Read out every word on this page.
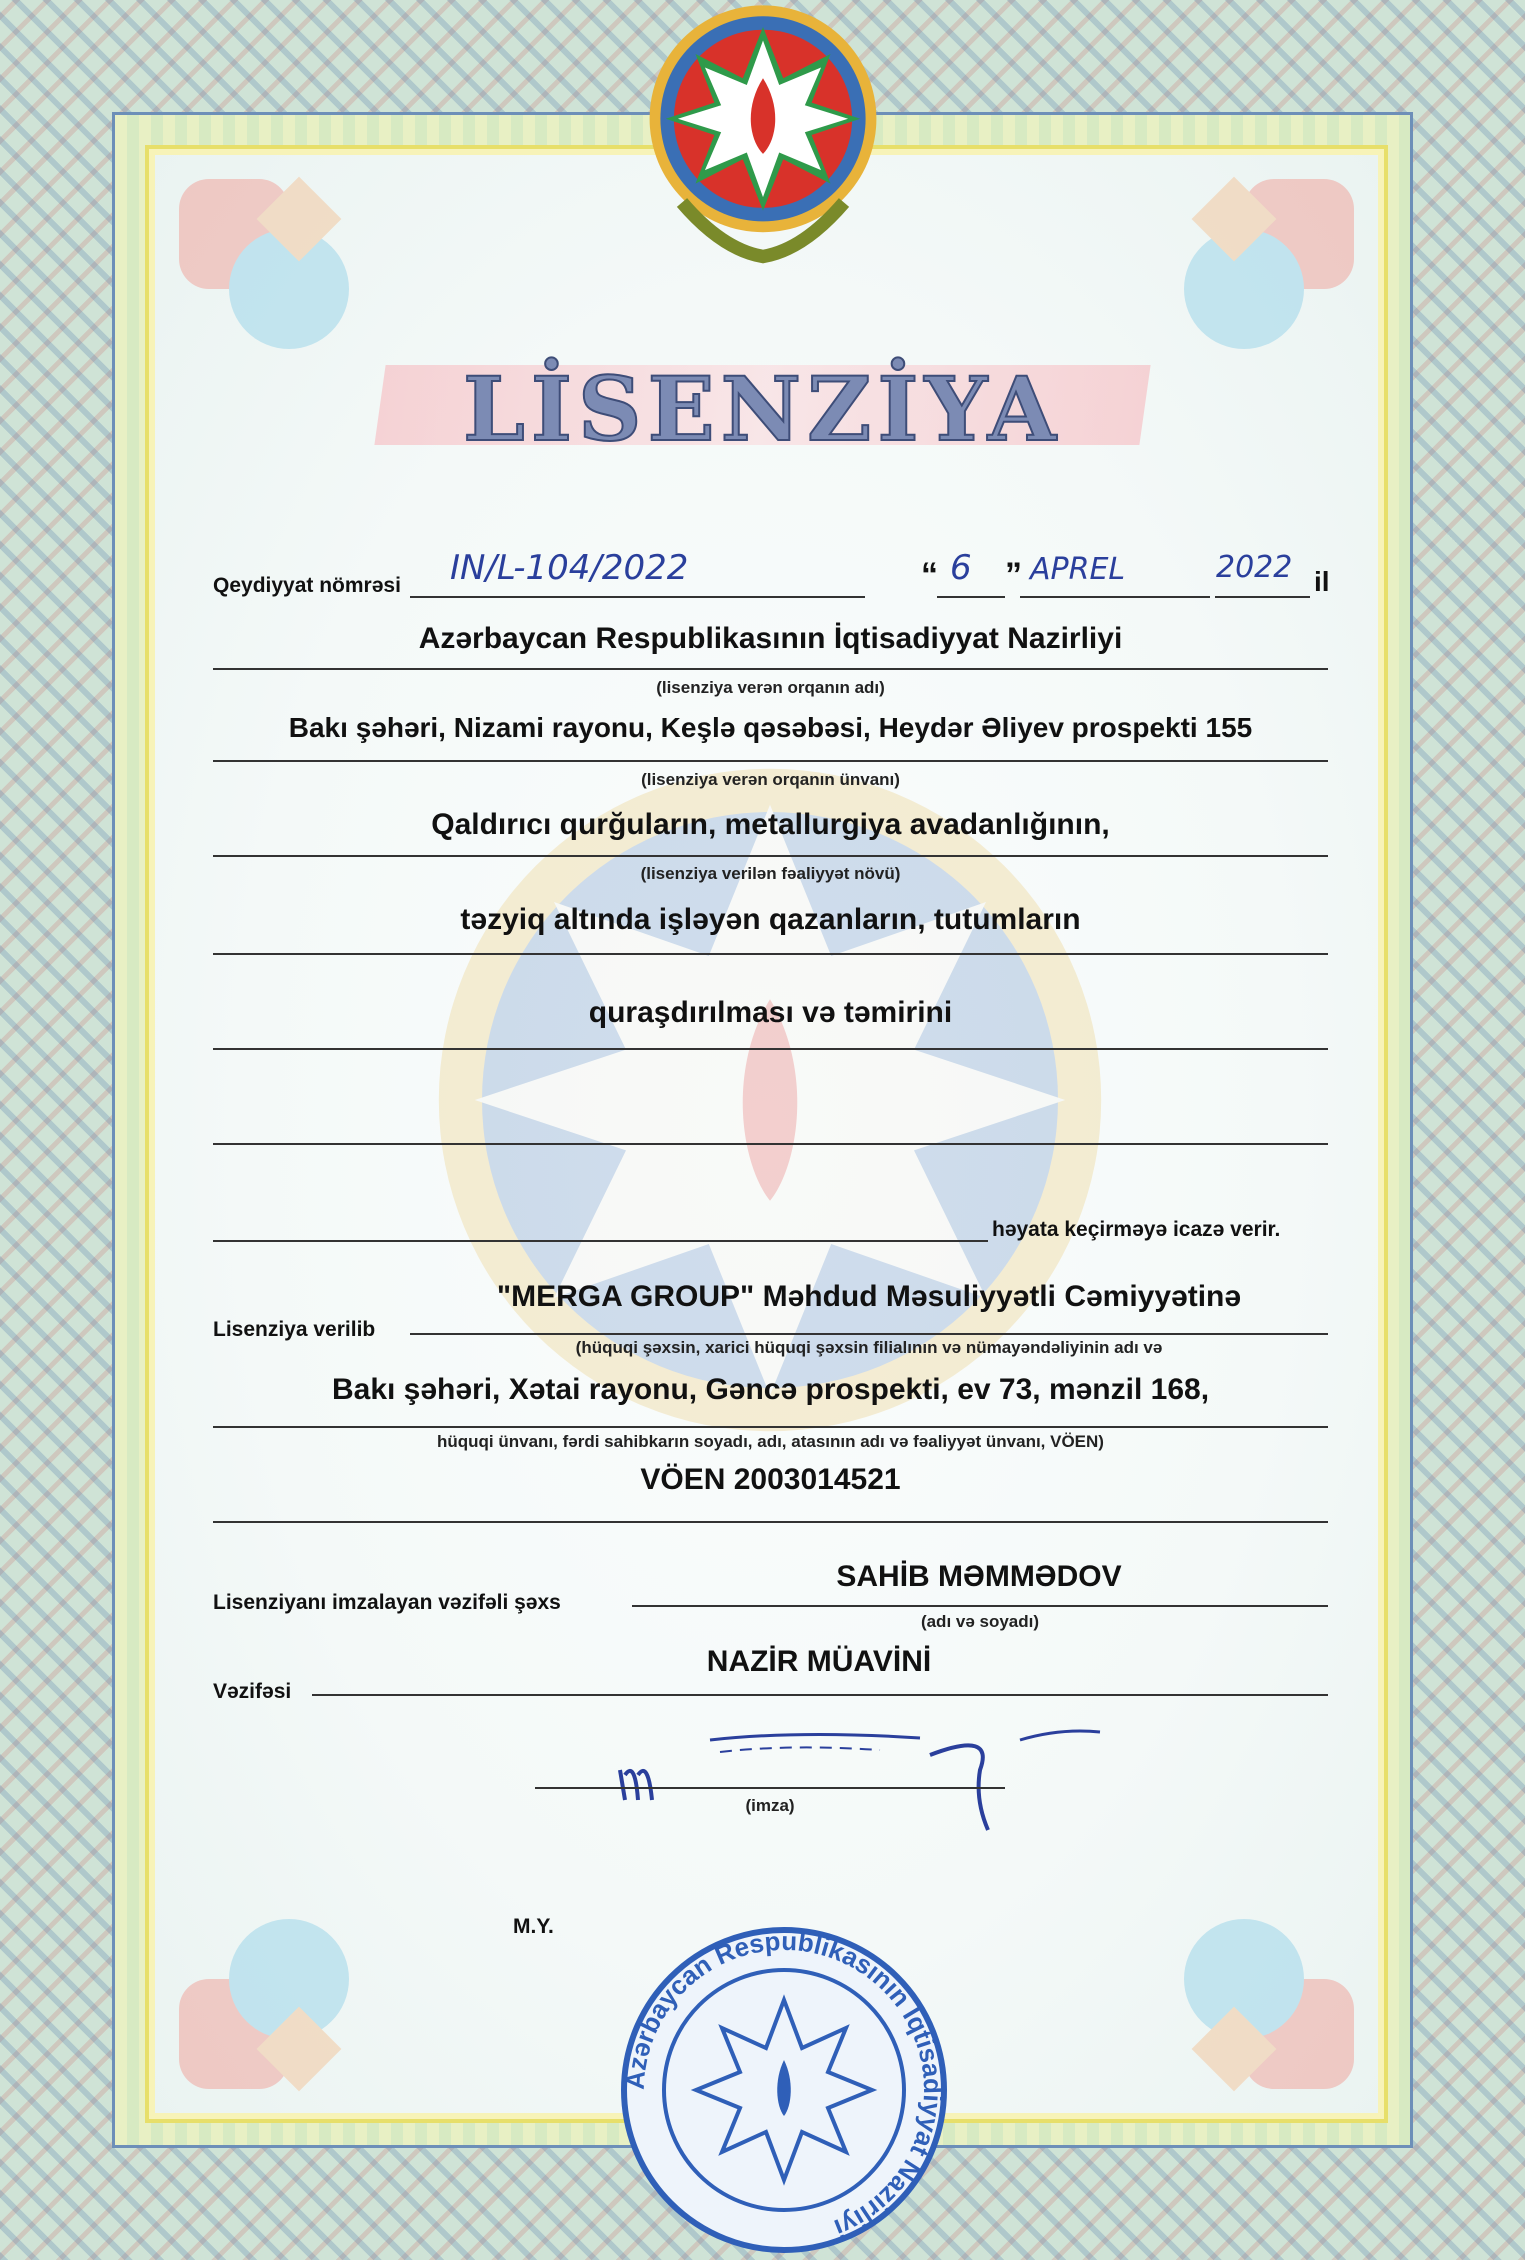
LİSENZİYA
Qeydiyyat nömrəsi IN/L-104/2022	“ 6 ” APREL	2022 il
Azərbaycan Respublikasının İqtisadiyyat Nazirliyi
(lisenziya verən orqanın adı)
Bakı şəhəri, Nizami rayonu, Keşlə qəsəbəsi, Heydər Əliyev prospekti 155
(lisenziya verən orqanın ünvanı)
Qaldırıcı qurğuların, metallurgiya avadanlığının,
(lisenziya verilən fəaliyyət növü)
təzyiq altında işləyən qazanların, tutumların
quraşdırılması və təmirini
həyata keçirməyə icazə verir.
Lisenziya verilib
"MERGA GROUP" Məhdud Məsuliyyətli Cəmiyyətinə
(hüquqi şəxsin, xarici hüquqi şəxsin filialının və nümayəndəliyinin adı və
Bakı şəhəri, Xətai rayonu, Gəncə prospekti, ev 73, mənzil 168,
hüquqi ünvanı, fərdi sahibkarın soyadı, adı, atasının adı və fəaliyyət ünvanı, VÖEN)
VÖEN 2003014521
Lisenziyanı imzalayan vəzifəli şəxs
SAHİB MƏMMƏDOV
(adı və soyadı)
Vəzifəsi
NAZİR MÜAVİNİ
(imza)
M.Y.
Azərbaycan Respublikasının İqtisadiyyat Nazirliyi
